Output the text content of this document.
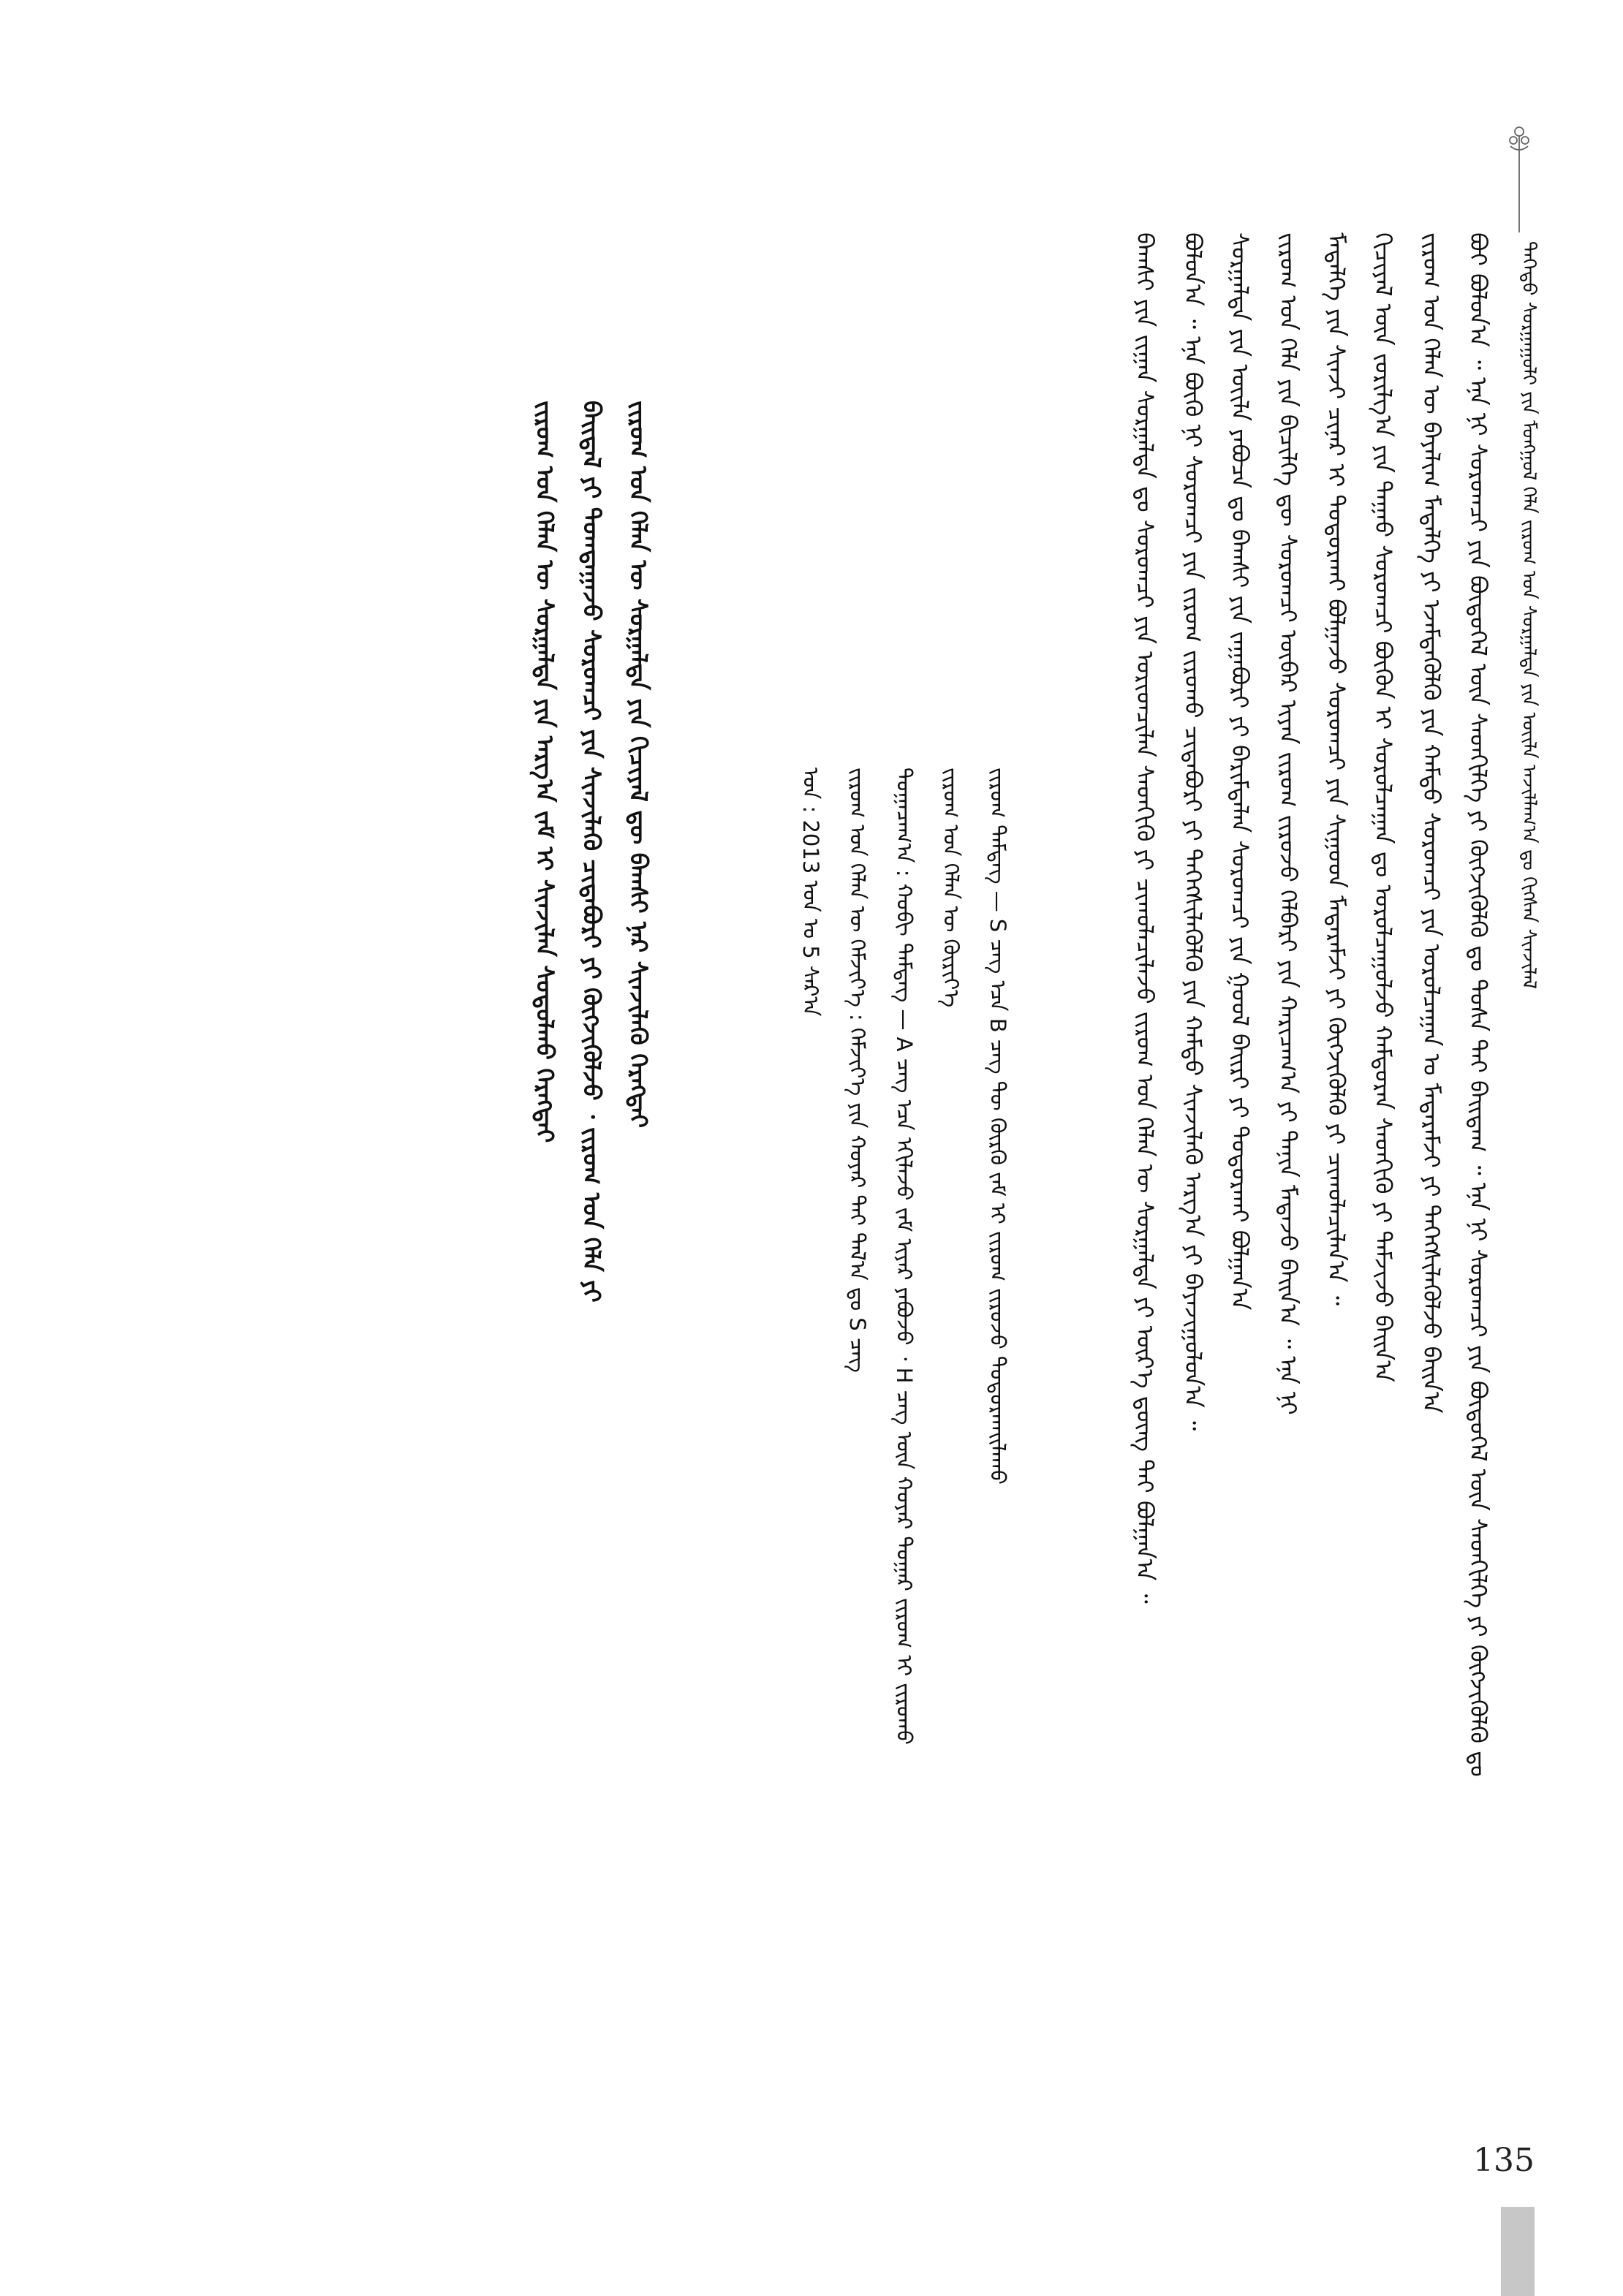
ᠳᠡᠭᠡᠳᠦ ᠰᠤᠷᠭᠠᠭᠤᠯᠢ ᠶᠢᠨ ᠮᠤᠩᠭᠤᠯ ᠬᠡᠯᠡ ᠵᠢᠷᠤᠬ ᠤᠨ ᠰᠤᠷᠭᠠᠯᠲᠠ ᠶᠢᠨ ᠦᠢᠯᠡ ᠠᠵᠢᠯᠯᠠᠭ᠎ᠠ ᠳᠤ ᠬᠢᠭᠰᠡᠨ ᠰᠢᠨᠵᠢᠯᠡᠯ
ᠪᠤᠢ ᠪᠣᠯᠤᠨ᠎ᠠ ᠃ ᠡᠨᠡ ᠨᠢ ᠰᠤᠷᠤᠭᠴᠢ ᠶᠢᠨ ᠪᠦᠲᠦᠭᠡᠯ ᠦᠨ ᠰᠡᠳᠬᠢᠯᠭᠡ ᠶᠢ ᠬᠦᠭᠵᠢᠭᠦᠯᠬᠦ ᠳᠤ ᠲᠤᠰᠠ ᠲᠠᠢ ᠪᠠᠢᠳᠠᠭ ᠃ ᠡᠨᠡ ᠨᠢ ᠰᠤᠷᠤᠭᠴᠢ ᠶᠢᠨ ᠪᠦᠲᠦᠭᠡᠯ ᠦᠨ ᠰᠡᠳᠬᠢᠯᠭᠡ ᠶᠢ ᠬᠦᠭᠵᠢᠭᠦᠯᠬᠦ ᠳᠤ
ᠵᠢᠷᠤᠭ ᠤᠨ ᠬᠡᠯᠡᠨ ᠦ ᠪᠠᠶᠠᠯᠢᠭ ᠮᠡᠳᠡᠯᠭᠡ ᠶᠢ ᠡᠵᠡᠮᠳᠡᠭᠦᠯᠬᠦ ᠶᠢᠨ ᠬᠠᠮᠲᠤ ᠰᠤᠷᠤᠭᠴᠢ ᠶᠢᠨ ᠤᠷᠤᠯᠴᠠᠭᠠᠨ ᠤ ᠮᠡᠳᠡᠷᠡᠮᠵᠢ ᠶᠢ ᠳᠡᠭᠡᠭᠰᠢᠯᠡᠭᠦᠯᠵᠦ ᠪᠠᠢᠨ᠎ᠠ
ᠬᠢᠴᠢᠶᠡᠯ ᠦᠨ ᠵᠣᠷᠢᠯᠭ᠎ᠠ ᠶᠢᠨ ᠳᠠᠭᠠᠤ ᠰᠤᠷᠤᠭᠴᠢ ᠪᠦᠬᠦᠨ ᠢ ᠰᠤᠷᠤᠯᠴᠠᠭᠠᠨ ᠳᠤ ᠣᠷᠤᠯᠴᠠᠭᠤᠯᠵᠤ ᠬᠠᠮᠲᠤᠷᠠᠨ ᠰᠡᠳᠬᠢᠬᠦ ᠶᠢ ᠳᠡᠮᠵᠢᠵᠦ ᠪᠠᠢᠨ᠎ᠠ
ᠮᠡᠳᠡᠯᠭᠡ ᠶᠢᠨ ᠰᠢᠨᠵᠢ ᠴᠢᠨᠠᠷ ᠢ ᠲᠣᠳᠤᠷᠬᠠᠢ ᠪᠣᠯᠭᠠᠵᠤ ᠰᠤᠷᠤᠭᠴᠢ ᠶᠢᠨ ᠰᠢᠭᠤᠳ ᠮᠡᠳᠡᠷᠡᠮᠵᠢ ᠶᠢ ᠬᠥᠭᠵᠢᠭᠦᠯᠬᠦ ᠶᠢ ᠴᠢᠬᠤᠯᠠᠴᠢᠯᠠᠨ᠎ᠠ ᠃
ᠵᠢᠷᠤᠭ ᠤᠨ ᠬᠡᠯᠡ ᠶᠢᠨ ᠪᠢᠴᠢᠯᠭᠡ ᠳᠦ ᠰᠤᠷᠤᠭᠴᠢ ᠦᠪᠡᠷ ᠢᠶᠡᠨ ᠵᠢᠷᠤᠭ ᠵᠢᠷᠤᠵᠤ ᠬᠡᠯᠪᠡᠷᠢ ᠶᠢᠨ ᠬᠠᠷᠢᠴᠠᠭ᠎ᠠ ᠶᠢ ᠲᠠᠨᠢᠨ ᠮᠡᠳᠡᠵᠦ ᠪᠠᠢᠨ᠎ᠠ ᠃ ᠡᠨᠡ ᠨᠢ
ᠰᠤᠷᠭᠠᠯᠲᠠ ᠶᠢᠨ ᠦᠢᠯᠡ ᠶᠠᠪᠤᠴᠠ ᠳᠤ ᠪᠠᠭᠰᠢ ᠶᠢᠨ ᠵᠠᠭᠠᠪᠤᠷᠢ ᠶᠢ ᠪᠠᠷᠢᠮᠲᠠᠯᠠᠨ ᠰᠤᠷᠤᠭᠴᠢ ᠶᠢᠨ ᠭᠣᠣᠯ ᠪᠠᠢᠷᠢ ᠶᠢ ᠲᠣᠳᠤᠷᠬᠠᠢ ᠪᠣᠯᠭᠠᠨ᠎ᠠ
ᠪᠣᠯᠤᠨ᠎ᠠ ᠃ ᠡᠨᠡ ᠪᠦᠬᠦ ᠨᠢ ᠰᠤᠷᠤᠭᠴᠢ ᠶᠢᠨ ᠵᠢᠷᠤᠭ ᠵᠢᠷᠤᠬᠤ ᠴᠢᠳᠠᠪᠤᠷᠢ ᠶᠢ ᠳᠡᠭᠡᠭᠰᠢᠯᠡᠭᠦᠯᠬᠦ ᠶᠢᠨ ᠬᠠᠮᠲᠤ ᠰᠢᠨᠵᠢᠯᠡᠬᠦ ᠠᠷᠭ᠎ᠠ ᠶᠢ ᠪᠠᠶᠠᠵᠢᠭᠤᠯᠤᠨ᠎ᠠ ᠃
ᠪᠠᠭᠰᠢ ᠶᠢᠨ ᠵᠢᠭᠠᠨ ᠰᠤᠷᠭᠠᠯᠲᠠ ᠳᠤ ᠰᠤᠷᠤᠭᠴᠢ ᠶᠢᠨ ᠤᠷᠢᠳᠴᠢᠯᠠᠨ ᠰᠡᠳᠬᠢᠬᠦ ᠶᠢ ᠴᠢᠬᠤᠯᠠᠴᠢᠯᠠᠵᠤ ᠵᠢᠷᠤᠭ ᠤᠨ ᠬᠡᠯᠡᠨ ᠦ ᠰᠤᠷᠭᠠᠯᠲᠠ ᠶᠢ ᠦᠷ᠎ᠡ ᠳ᠋ᠦᠩ ᠲᠡᠢ ᠪᠣᠯᠭᠠᠨ᠎ᠠ ᠃
ᠵᠢᠷᠤᠭ ᠲᠡᠮᠳᠡᠭ — S ᠴᠡᠭ ᠡᠴᠡ B ᠴᠡᠭ ᠲᠦ ᠬᠦᠷᠬᠦ ᠵᠠᠮ ᠢ ᠵᠢᠷᠤᠭ ᠵᠢᠷᠤᠵᠤ ᠲᠣᠳᠤᠷᠬᠠᠢᠯᠠᠬᠤ
ᠵᠢᠷᠤᠭ ᠤᠨ ᠬᠡᠯᠡᠨ ᠦ ᠬᠦᠷᠢᠶ᠎ᠡ
ᠲᠣᠭᠠᠴᠠᠭ᠎ᠠ : ᠬᠤᠪᠢ ᠲᠡᠮᠳᠡᠭ — A ᠴᠡᠭ ᠡᠴᠡ ᠡᠬᠢᠯᠡᠵᠦ ᠵᠠᠮ ᠢᠶᠠᠷ ᠶᠠᠪᠤᠵᠤ ᠂ H ᠴᠡᠭ ᠦᠨ ᠬᠣᠶᠠᠷ ᠳᠤᠭᠠᠷ ᠵᠢᠷᠤᠭ ᠢ ᠵᠢᠷᠤᠬᠤ
ᠵᠢᠷᠤᠭ ᠤᠨ ᠬᠡᠯᠡᠨ ᠦ ᠬᠡᠮᠵᠢᠶ᠎ᠡ : ᠬᠡᠮᠵᠢᠶ᠎ᠡ ᠶᠢᠨ ᠬᠣᠶᠠᠷ ᠲᠡᠢ ᠲᠠᠯ᠎ᠠ ᠳᠤ S ᠴᠡᠭ
ᠣᠨ : 2013 ᠣᠨ ᠤ 5 ᠰᠠᠷ᠎ᠠ
ᠵᠢᠷᠤᠭ ᠤᠨ ᠬᠡᠯᠡᠨ ᠦ ᠰᠤᠷᠭᠠᠯᠲᠠ ᠶᠢᠨ ᠬᠢᠴᠢᠶᠡᠯ ᠳᠦ ᠪᠠᠭᠰᠢ ᠨᠠᠷ ᠰᠢᠨᠵᠢᠯᠡᠬᠦ ᠬᠡᠷᠡᠭᠲᠡᠢ
ᠪᠠᠢᠳᠠᠯ ᠶᠢ ᠲᠣᠭᠲᠠᠭᠠᠵᠤ ᠰᠤᠷᠤᠭᠴᠢ ᠶᠢᠨ ᠰᠢᠨᠵᠢᠯᠡᠬᠦ ᠴᠢᠳᠠᠪᠤᠷᠢ ᠶᠢ ᠬᠦᠭᠵᠢᠭᠦᠯᠵᠦ ᠂ ᠵᠢᠷᠤᠭ ᠤᠨ ᠬᠡᠯᠡ ᠶᠢ
ᠵᠢᠷᠤᠭ ᠤᠨ ᠬᠡᠯᠡᠨ ᠦ ᠰᠤᠷᠭᠠᠯᠲᠠ ᠶᠢᠨ ᠠᠷᠭ᠎ᠠ ᠵᠠᠮ ᠢ ᠰᠢᠨᠵᠢᠯᠡᠨ ᠰᠤᠳᠤᠯᠬᠤ ᠬᠡᠷᠡᠭᠲᠡᠢ
135
